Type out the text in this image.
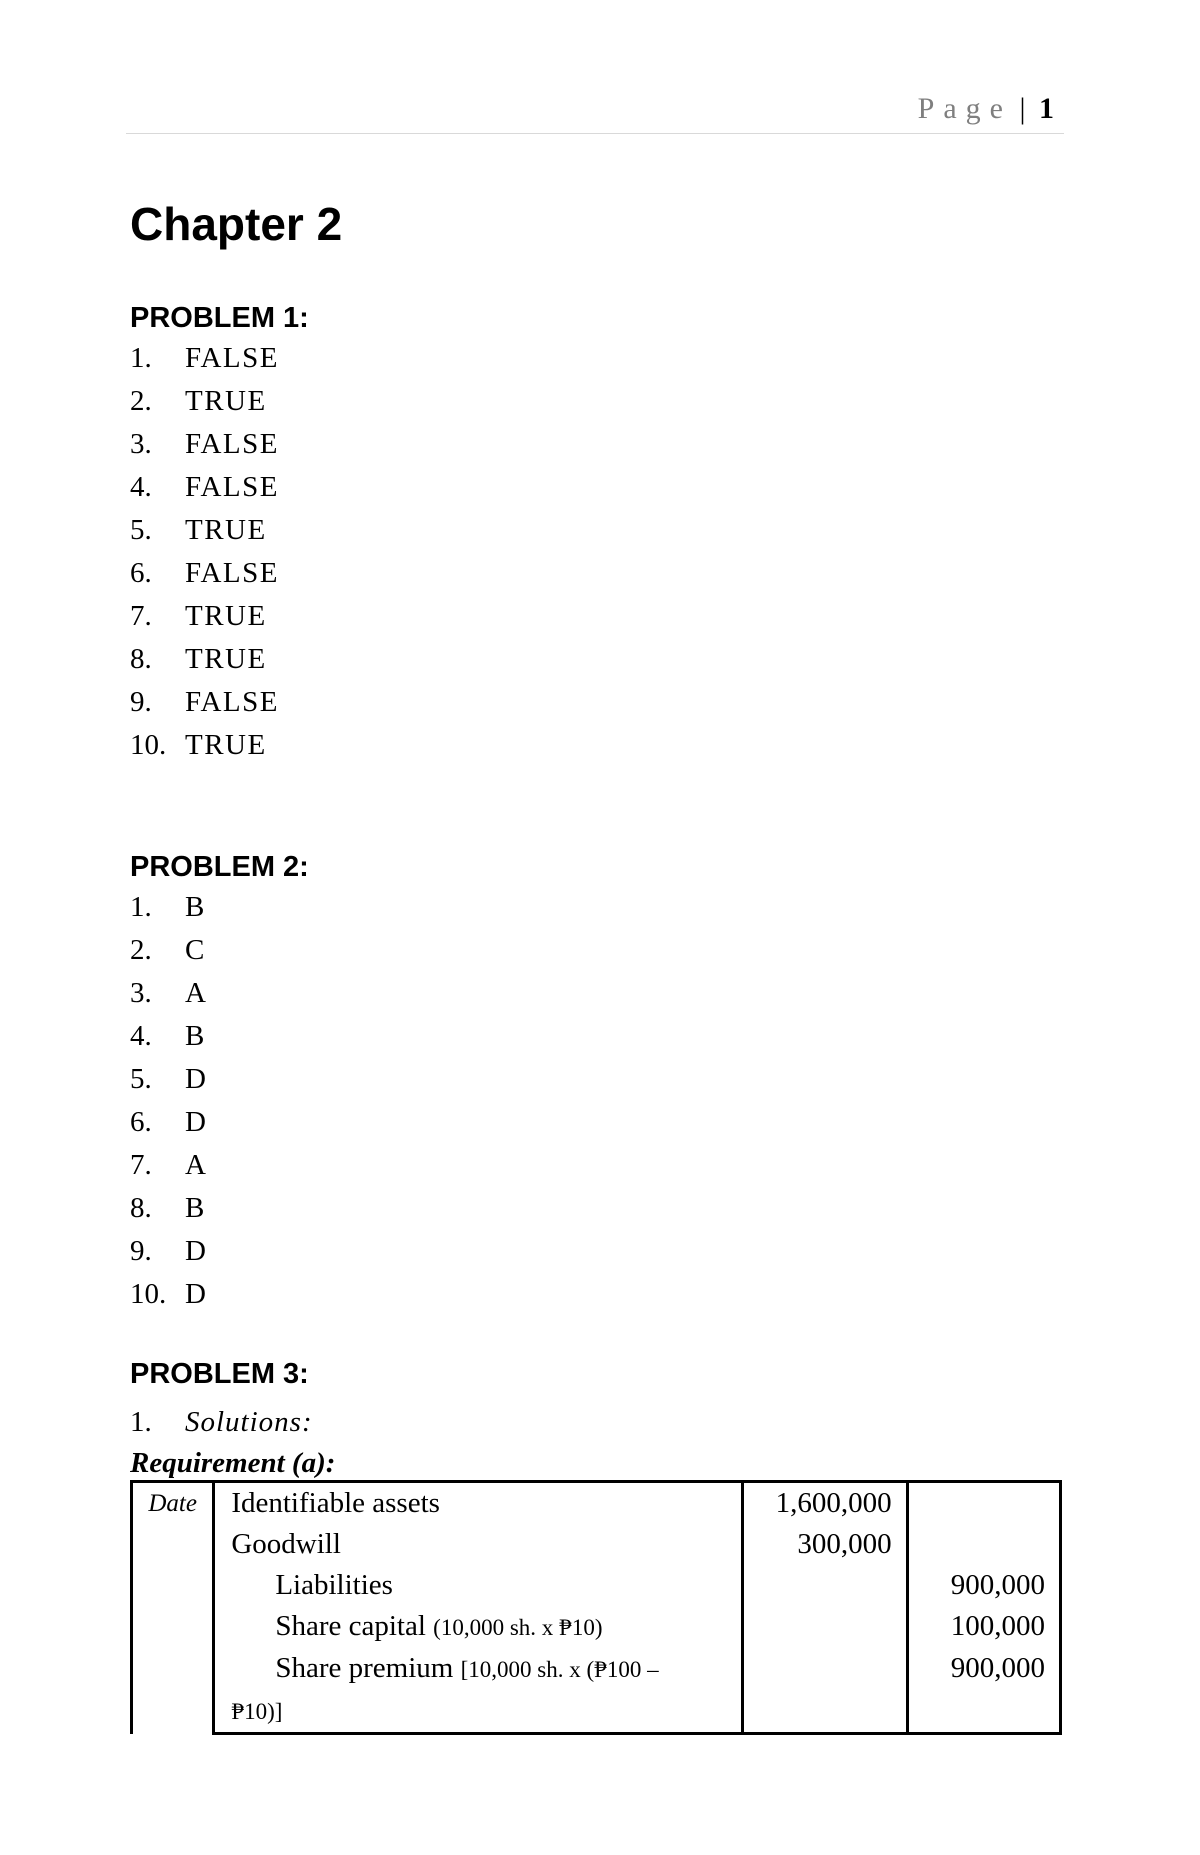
Page | 1
Chapter 2
PROBLEM 1:
1. FALSE
2. TRUE
3. FALSE
4. FALSE
5. TRUE
6. FALSE
7. TRUE
8. TRUE
9. FALSE
10. TRUE
PROBLEM 2:
1. B
2. C
3. A
4. B
5. D
6. D
7. A
8. B
9. D
10. D
PROBLEM 3:
1. Solutions:
Requirement (a):
Date	Identifiable assets	1,600,000	
	Goodwill	300,000	
	Liabilities		900,000
	Share capital (10,000 sh. x ₱10)		100,000
	Share premium [10,000 sh. x (₱100 –
₱10)]		900,000
